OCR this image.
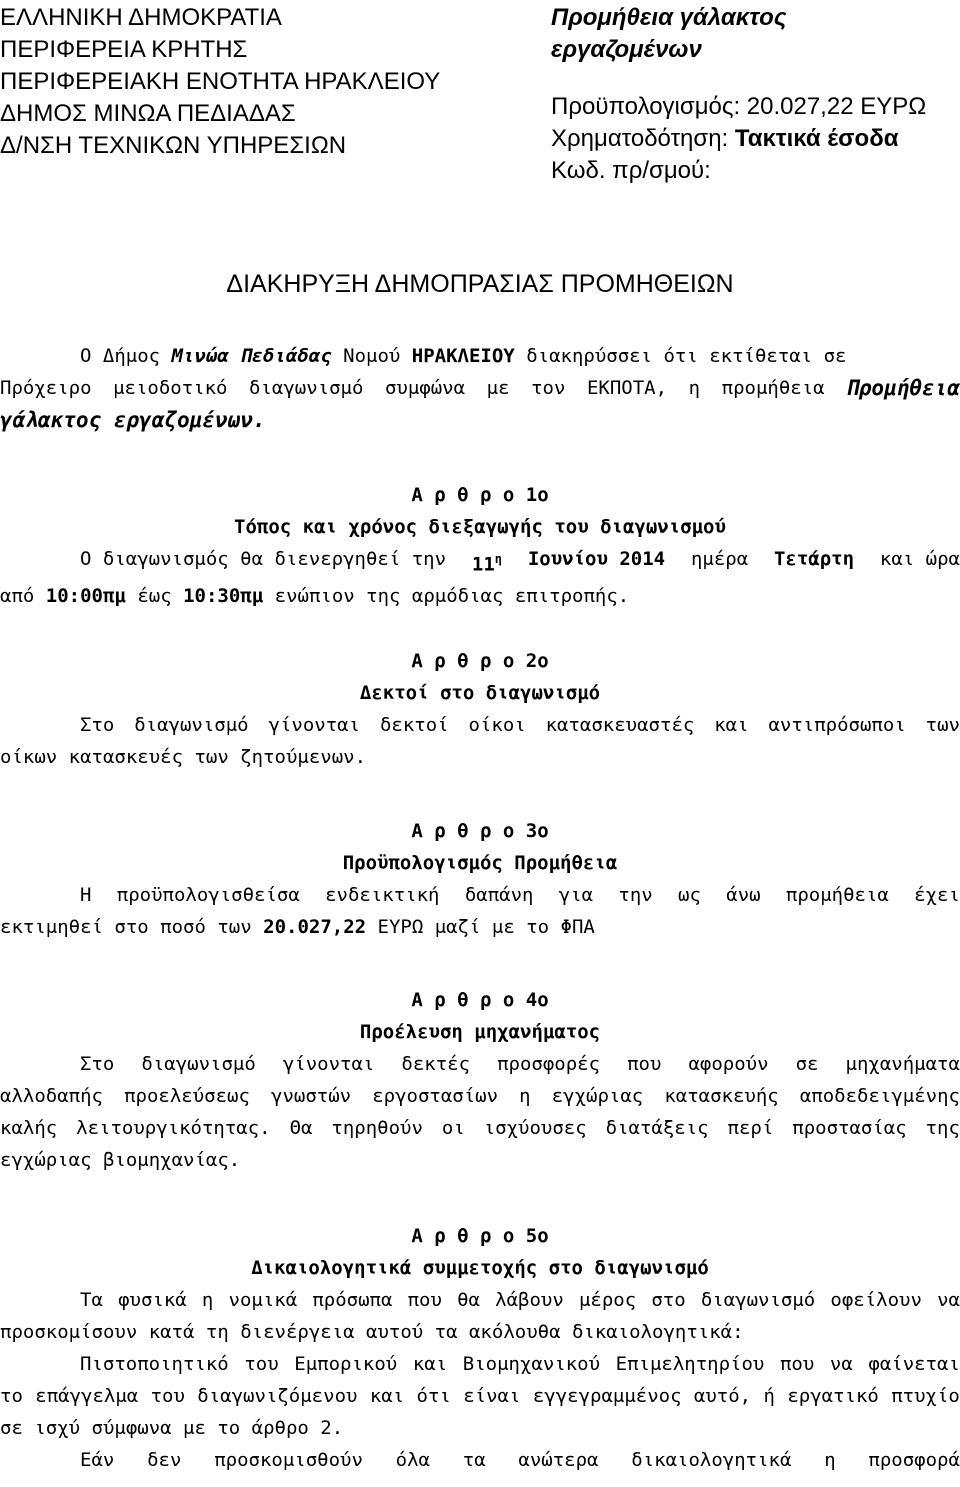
ΕΛΛΗΝΙΚΗ ΔΗΜΟΚΡΑΤΙΑ
ΠΕΡΙΦΕΡΕΙΑ ΚΡΗΤΗΣ
ΠΕΡΙΦΕΡΕΙΑΚΗ ΕΝΟΤΗΤΑ ΗΡΑΚΛΕΙΟΥ
ΔΗΜΟΣ ΜΙΝΩΑ ΠΕΔΙΑΔΑΣ
Δ/ΝΣΗ ΤΕΧΝΙΚΩΝ ΥΠΗΡΕΣΙΩΝ
Προμήθεια γάλακτος
εργαζομένων
Προϋπολογισμός: 20.027,22 ΕΥΡΩ
Χρηματοδότηση: Τακτικά έσοδα
Κωδ. πρ/σμού:
ΔΙΑΚΗΡΥΞΗ ΔΗΜΟΠΡΑΣΙΑΣ ΠΡΟΜΗΘΕΙΩΝ
Ο Δήμος Μινώα Πεδιάδας Νομού ΗΡΑΚΛΕΙΟΥ διακηρύσσει ότι εκτίθεται σε
Πρόχειρο μειοδοτικό διαγωνισμό συμφώνα με τον ΕΚΠΟΤΑ, η προμήθεια Προμήθεια
γάλακτος εργαζομένων.
Α ρ θ ρ ο 1ο
Τόπος και χρόνος διεξαγωγής του διαγωνισμού
Ο διαγωνισμός θα διενεργηθεί την $11^\eta$ Ιουνίου 2014 ημέρα Τετάρτη και ώρα
από 10:00πμ έως 10:30πμ ενώπιον της αρμόδιας επιτροπής.
Α ρ θ ρ ο 2ο
Δεκτοί στο διαγωνισμό
Στο διαγωνισμό γίνονται δεκτοί οίκοι κατασκευαστές και αντιπρόσωποι των
οίκων κατασκευές των ζητούμενων.
Α ρ θ ρ ο 3ο
Προϋπολογισμός Προμήθεια
Η προϋπολογισθείσα ενδεικτική δαπάνη για την ως άνω προμήθεια έχει
εκτιμηθεί στο ποσό των 20.027,22 ΕΥΡΩ μαζί με το ΦΠΑ
Α ρ θ ρ ο 4ο
Προέλευση μηχανήματος
Στο διαγωνισμό γίνονται δεκτές προσφορές που αφορούν σε μηχανήματα
αλλοδαπής προελεύσεως γνωστών εργοστασίων η εγχώριας κατασκευής αποδεδειγμένης
καλής λειτουργικότητας. Θα τηρηθούν οι ισχύουσες διατάξεις περί προστασίας της
εγχώριας βιομηχανίας.
Α ρ θ ρ ο 5ο
Δικαιολογητικά συμμετοχής στο διαγωνισμό
Τα φυσικά η νομικά πρόσωπα που θα λάβουν μέρος στο διαγωνισμό οφείλουν να
προσκομίσουν κατά τη διενέργεια αυτού τα ακόλουθα δικαιολογητικά:
Πιστοποιητικό του Εμπορικού και Βιομηχανικού Επιμελητηρίου που να φαίνεται
το επάγγελμα του διαγωνιζόμενου και ότι είναι εγγεγραμμένος αυτό, ή εργατικό πτυχίο
σε ισχύ σύμφωνα με το άρθρο 2.
Εάν δεν προσκομισθούν όλα τα ανώτερα δικαιολογητικά η προσφορά
